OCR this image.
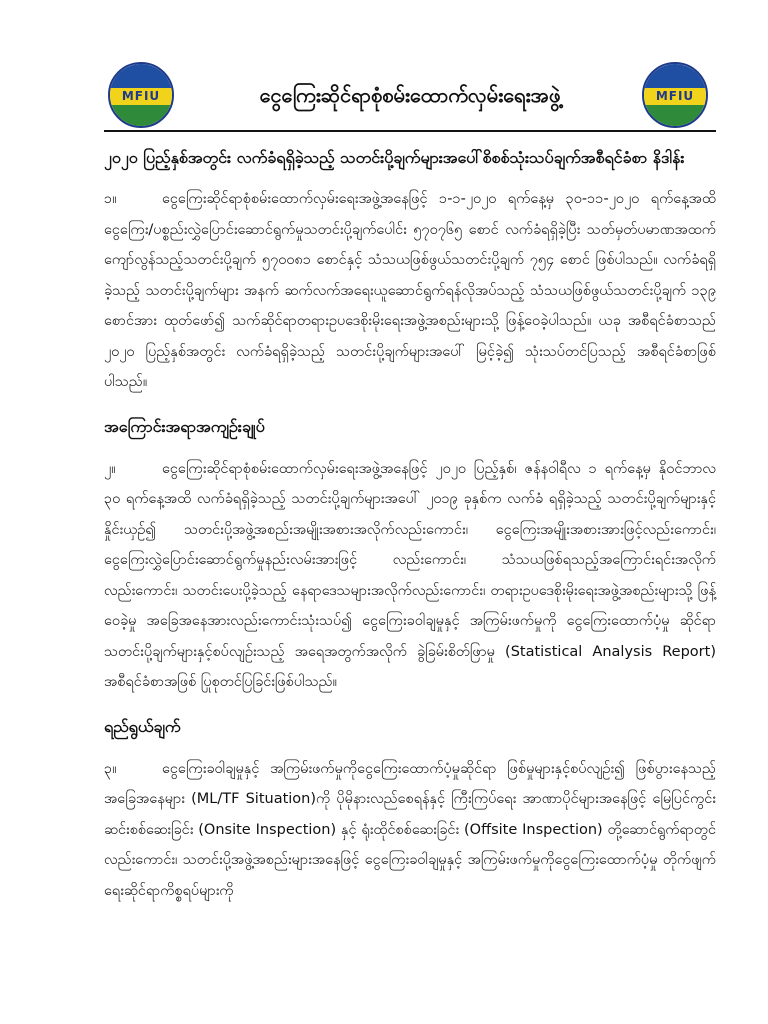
MFIU	ငွေကြေးဆိုင်ရာစုံစမ်းထောက်လှမ်းရေးအဖွဲ့	MFIU
၂၀၂၀ ပြည့်နှစ်အတွင်း လက်ခံရရှိခဲ့သည့် သတင်းပို့ချက်များအပေါ်စိစစ်သုံးသပ်ချက်အစီရင်ခံစာ နိဒါန်း
၁။	ငွေကြေးဆိုင်ရာစုံစမ်းထောက်လှမ်းရေးအဖွဲ့အနေဖြင့် ၁-၁-၂၀၂၀ ရက်နေ့မှ ၃၀-၁၁-၂၀၂၀ ရက်နေ့အထိ ငွေကြေး/ပစ္စည်းလွှဲပြောင်းဆောင်ရွက်မှုသတင်းပို့ချက်ပေါင်း ၅၇၀၇၆၅ စောင် လက်ခံရရှိခဲ့ပြီး သတ်မှတ်ပမာဏအထက်ကျော်လွန်သည့်သတင်းပို့ချက် ၅၇၀၀၈၁ စောင်နှင့် သံသယဖြစ်ဖွယ်သတင်းပို့ချက် ၇၅၄ စောင် ဖြစ်ပါသည်။ လက်ခံရရှိခဲ့သည့် သတင်းပို့ချက်များ အနက် ဆက်လက်အရေးယူဆောင်ရွက်ရန်လိုအပ်သည့် သံသယဖြစ်ဖွယ်သတင်းပို့ချက် ၁၃၉ စောင်အား ထုတ်ဖော်၍ သက်ဆိုင်ရာတရားဥပဒေစိုးမိုးရေးအဖွဲ့အစည်းများသို့ ဖြန့်ဝေခဲ့ပါသည်။ ယခု အစီရင်ခံစာသည် ၂၀၂၀ ပြည့်နှစ်အတွင်း လက်ခံရရှိခဲ့သည့် သတင်းပို့ချက်များအပေါ် မြင့်ခဲ့၍ သုံးသပ်တင်ပြသည့် အစီရင်ခံစာဖြစ်ပါသည်။
အကြောင်းအရာအကျဉ်းချုပ်
၂။	ငွေကြေးဆိုင်ရာစုံစမ်းထောက်လှမ်းရေးအဖွဲ့အနေဖြင့် ၂၀၂၀ ပြည့်နှစ်၊ ဇန်နဝါရီလ ၁ ရက်နေ့မှ နိုဝင်ဘာလ ၃၀ ရက်နေ့အထိ လက်ခံရရှိခဲ့သည့် သတင်းပို့ချက်များအပေါ် ၂၀၁၉ ခုနှစ်က လက်ခံ ရရှိခဲ့သည့် သတင်းပို့ချက်များနှင့်နှိုင်းယှဉ်၍ သတင်းပို့အဖွဲ့အစည်းအမျိုးအစားအလိုက်လည်းကောင်း၊ ငွေကြေးအမျိုးအစားအားဖြင့်လည်းကောင်း၊ ငွေကြေးလွှဲပြောင်းဆောင်ရွက်မှုနည်းလမ်းအားဖြင့် လည်းကောင်း၊ သံသယဖြစ်ရသည့်အကြောင်းရင်းအလိုက်လည်းကောင်း၊ သတင်းပေးပို့ခဲ့သည့် နေရာဒေသများအလိုက်လည်းကောင်း၊ တရားဥပဒေစိုးမိုးရေးအဖွဲ့အစည်းများသို့ ဖြန့်ဝေခဲ့မှု အခြေအနေအားလည်းကောင်းသုံးသပ်၍ ငွေကြေးခဝါချမှုနှင့် အကြမ်းဖက်မှုကို ငွေကြေးထောက်ပံ့မှု ဆိုင်ရာ သတင်းပို့ချက်များနှင့်စပ်လျဉ်းသည့် အရေအတွက်အလိုက် ခွဲခြမ်းစိတ်ဖြာမှု (Statistical Analysis Report) အစီရင်ခံစာအဖြစ် ပြုစုတင်ပြခြင်းဖြစ်ပါသည်။
ရည်ရွယ်ချက်
၃။	ငွေကြေးခဝါချမှုနှင့် အကြမ်းဖက်မှုကိုငွေကြေးထောက်ပံ့မှုဆိုင်ရာ ဖြစ်မှုများနှင့်စပ်လျဉ်း၍ ဖြစ်ပွားနေသည့် အခြေအနေများ (ML/TF Situation)ကို ပိုမိုနားလည်စေရန်နှင့် ကြီးကြပ်ရေး အာဏာပိုင်များအနေဖြင့် မြေပြင်ကွင်းဆင်းစစ်ဆေးခြင်း (Onsite Inspection) နှင့် ရုံးထိုင်စစ်ဆေးခြင်း (Offsite Inspection) တို့ဆောင်ရွက်ရာတွင်လည်းကောင်း၊ သတင်းပို့အဖွဲ့အစည်းများအနေဖြင့် ငွေကြေးခဝါချမှုနှင့် အကြမ်းဖက်မှုကိုငွေကြေးထောက်ပံ့မှု တိုက်ဖျက်ရေးဆိုင်ရာကိစ္စရပ်များကို
